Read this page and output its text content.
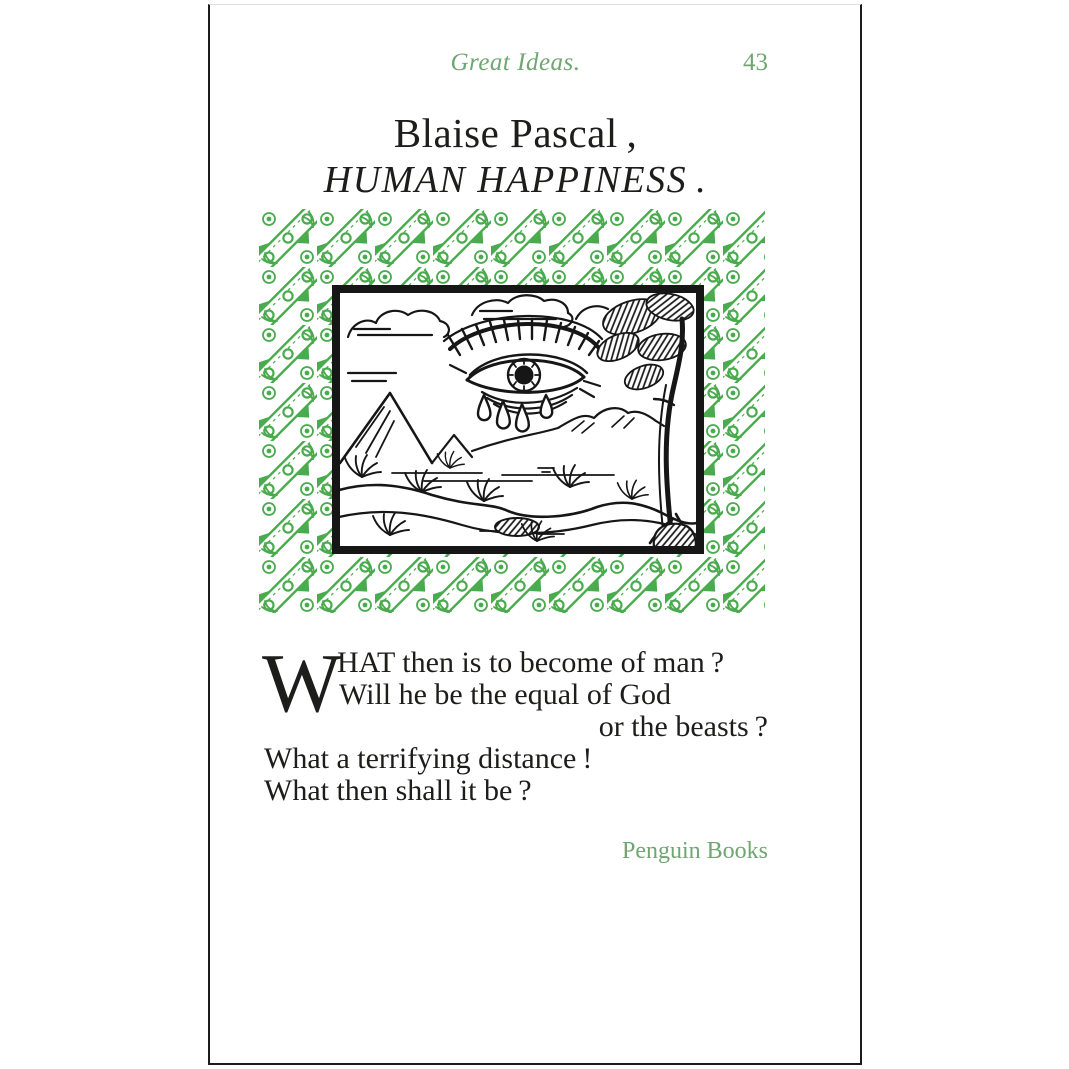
Great Ideas.	43
Blaise Pascal ,
HUMAN HAPPINESS .
W
HAT then is to become of man ?
Will he be the equal of God
or the beasts ?
What a terrifying distance !
What then shall it be ?
Penguin Books
